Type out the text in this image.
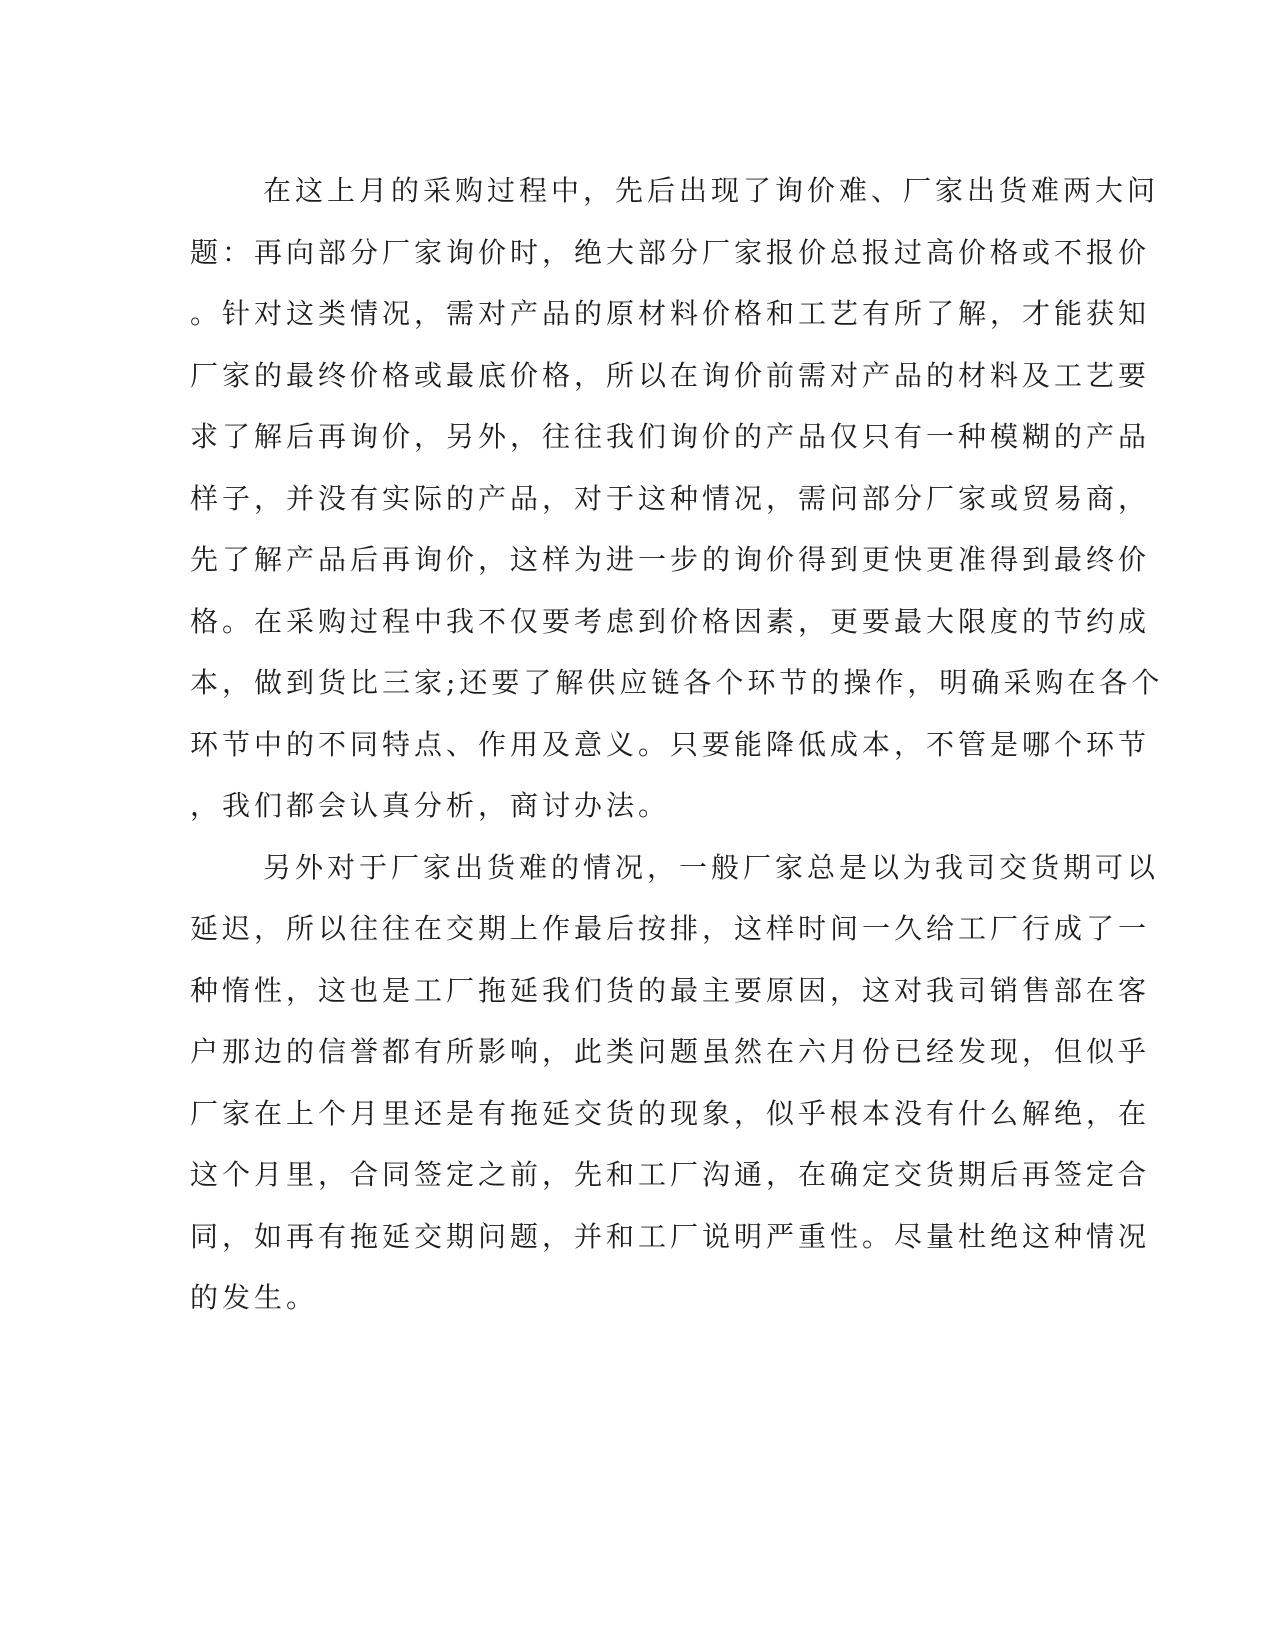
在这上月的采购过程中，先后出现了询价难、厂家出货难两大问
题：再向部分厂家询价时，绝大部分厂家报价总报过高价格或不报价
。针对这类情况，需对产品的原材料价格和工艺有所了解，才能获知
厂家的最终价格或最底价格，所以在询价前需对产品的材料及工艺要
求了解后再询价，另外，往往我们询价的产品仅只有一种模糊的产品
样子，并没有实际的产品，对于这种情况，需问部分厂家或贸易商，
先了解产品后再询价，这样为进一步的询价得到更快更准得到最终价
格。在采购过程中我不仅要考虑到价格因素，更要最大限度的节约成
本，做到货比三家;还要了解供应链各个环节的操作，明确采购在各个
环节中的不同特点、作用及意义。只要能降低成本，不管是哪个环节
，我们都会认真分析，商讨办法。
另外对于厂家出货难的情况，一般厂家总是以为我司交货期可以
延迟，所以往往在交期上作最后按排，这样时间一久给工厂行成了一
种惰性，这也是工厂拖延我们货的最主要原因，这对我司销售部在客
户那边的信誉都有所影响，此类问题虽然在六月份已经发现，但似乎
厂家在上个月里还是有拖延交货的现象，似乎根本没有什么解绝，在
这个月里，合同签定之前，先和工厂沟通，在确定交货期后再签定合
同，如再有拖延交期问题，并和工厂说明严重性。尽量杜绝这种情况
的发生。
